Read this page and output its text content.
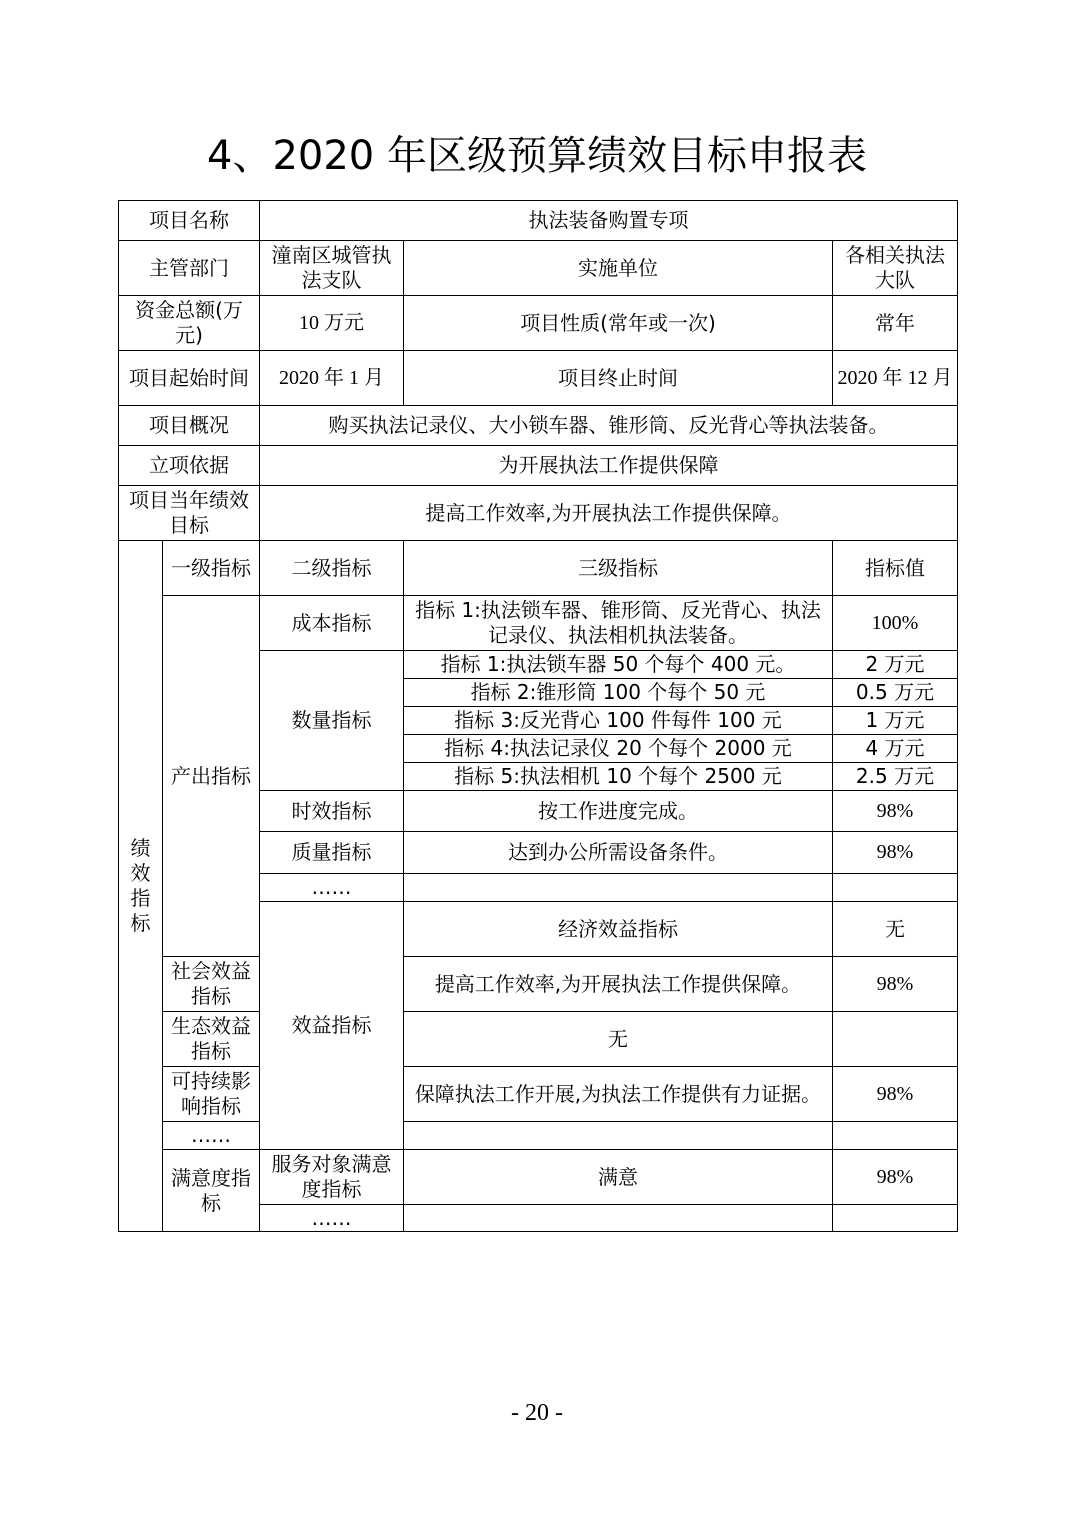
4、2020 年区级预算绩效目标申报表
项目名称		执法装备购置专项			
主管部门		潼南区城管执法支队	实施单位	各相关执法大队	
资金总额(万元)		10 万元	项目性质(常年或一次)	常年	
项目起始时间		2020 年 1 月	项目终止时间	2020 年 12 月	
项目概况		购买执法记录仪、大小锁车器、锥形筒、反光背心等执法装备。			
立项依据		为开展执法工作提供保障			
项目当年绩效目标		提高工作效率,为开展执法工作提供保障。			
绩效指标	一级指标	二级指标	三级指标	指标值	
	产出指标	成本指标	指标 1:执法锁车器、锥形筒、反光背心、执法记录仪、执法相机执法装备。	100%	
		数量指标	指标 1:执法锁车器 50 个每个 400 元。	2 万元	
			指标 2:锥形筒 100 个每个 50 元	0.5 万元	
			指标 3:反光背心 100 件每件 100 元	1 万元	
			指标 4:执法记录仪 20 个每个 2000 元	4 万元	
			指标 5:执法相机 10 个每个 2500 元	2.5 万元	
		时效指标	按工作进度完成。	98%	
		质量指标	达到办公所需设备条件。	98%	
		……			
		效益指标	经济效益指标	无	
	社会效益指标		提高工作效率,为开展执法工作提供保障。	98%	
	生态效益指标		无		
	可持续影响指标		保障执法工作开展,为执法工作提供有力证据。	98%	
	……				
	满意度指标	服务对象满意度指标	满意	98%	
		……			
- 20 -
